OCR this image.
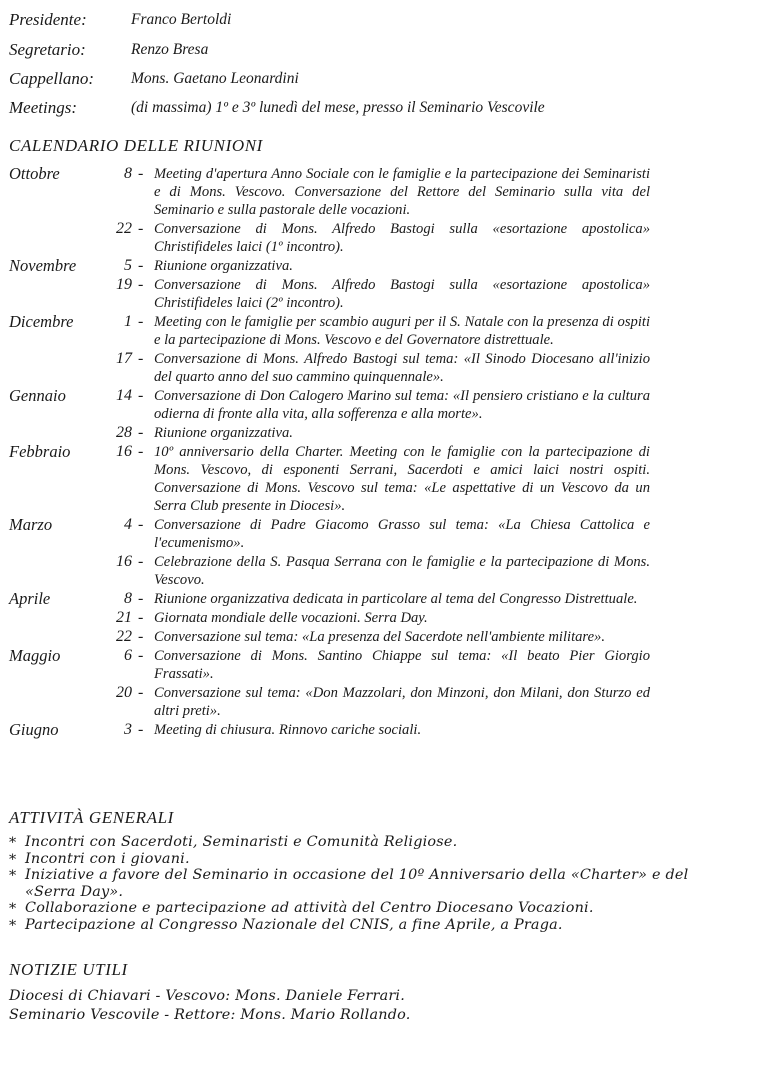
Presidente:	Franco Bertoldi
Segretario:	Renzo Bresa
Cappellano: Mons. Gaetano Leonardini
Meetings:	(di massima) 1º e 3º lunedì del mese, presso il Seminario Vescovile
CALENDARIO DELLE RIUNIONI
Ottobre	8 - Meeting d'apertura Anno Sociale con le famiglie e la partecipazione dei Seminaristi e di Mons. Vescovo. Conversazione del Rettore del Seminario sulla vita del Seminario e sulla pastorale delle vocazioni.
22 - Conversazione di Mons. Alfredo Bastogi sulla «esortazione apostolica» Christifideles laici (1º incontro).
Novembre	5 - Riunione organizzativa.
19 - Conversazione di Mons. Alfredo Bastogi sulla «esortazione apostolica» Christifideles laici (2º incontro).
Dicembre	1 - Meeting con le famiglie per scambio auguri per il S. Natale con la presenza di ospiti e la partecipazione di Mons. Vescovo e del Governatore distrettuale.
17 - Conversazione di Mons. Alfredo Bastogi sul tema: «Il Sinodo Diocesano all'inizio del quarto anno del suo cammino quinquennale».
Gennaio	14 - Conversazione di Don Calogero Marino sul tema: «Il pensiero cristiano e la cultura odierna di fronte alla vita, alla sofferenza e alla morte».
28 - Riunione organizzativa.
Febbraio	16 - 10º anniversario della Charter. Meeting con le famiglie con la partecipazione di Mons. Vescovo, di esponenti Serrani, Sacerdoti e amici laici nostri ospiti. Conversazione di Mons. Vescovo sul tema: «Le aspettative di un Vescovo da un Serra Club presente in Diocesi».
Marzo	4 - Conversazione di Padre Giacomo Grasso sul tema: «La Chiesa Cattolica e l'ecumenismo».
16 - Celebrazione della S. Pasqua Serrana con le famiglie e la partecipazione di Mons. Vescovo.
Aprile	8 - Riunione organizzativa dedicata in particolare al tema del Congresso Distrettuale.
21 - Giornata mondiale delle vocazioni. Serra Day.
22 - Conversazione sul tema: «La presenza del Sacerdote nell'ambiente militare».
Maggio	6 - Conversazione di Mons. Santino Chiappe sul tema: «Il beato Pier Giorgio Frassati».
20 - Conversazione sul tema: «Don Mazzolari, don Minzoni, don Milani, don Sturzo ed altri preti».
Giugno	3 - Meeting di chiusura. Rinnovo cariche sociali.
ATTIVITÀ GENERALI
* Incontri con Sacerdoti, Seminaristi e Comunità Religiose.
* Incontri con i giovani.
* Iniziative a favore del Seminario in occasione del 10º Anniversario della «Charter» e del «Serra Day».
* Collaborazione e partecipazione ad attività del Centro Diocesano Vocazioni.
* Partecipazione al Congresso Nazionale del CNIS, a fine Aprile, a Praga.
NOTIZIE UTILI
Diocesi di Chiavari - Vescovo: Mons. Daniele Ferrari.
Seminario Vescovile - Rettore: Mons. Mario Rollando.
